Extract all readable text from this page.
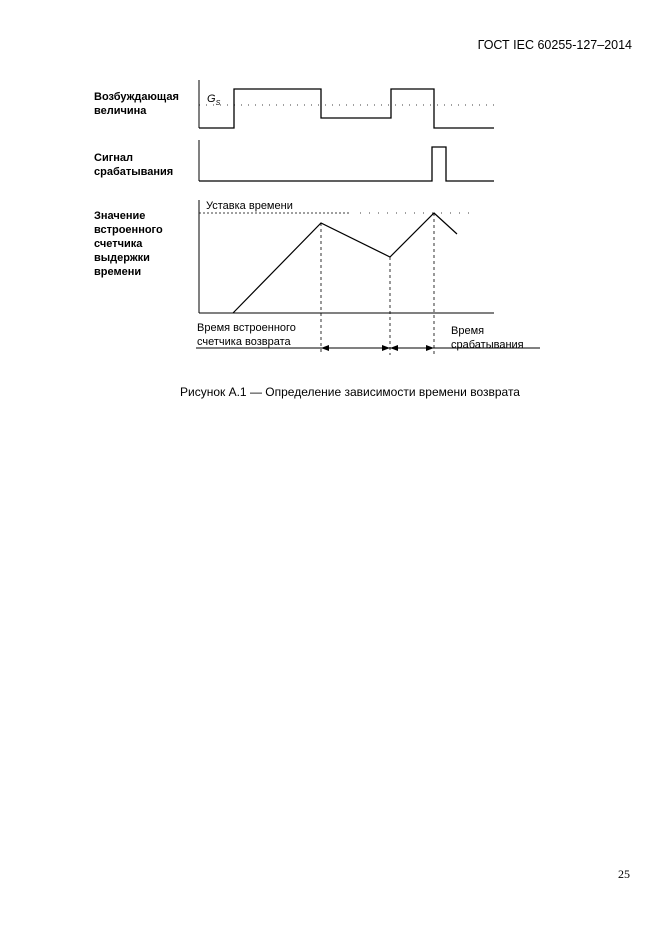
ГОСТ IEC 60255-127–2014
Возбуждающая
величина
Сигнал
срабатывания
Значение
встроенного
счетчика
выдержки
времени
$G_S$
Уставка времени
Время встроенного
счетчика возврата
Время
срабатывания
Рисунок А.1 — Определение зависимости времени возврата
25
